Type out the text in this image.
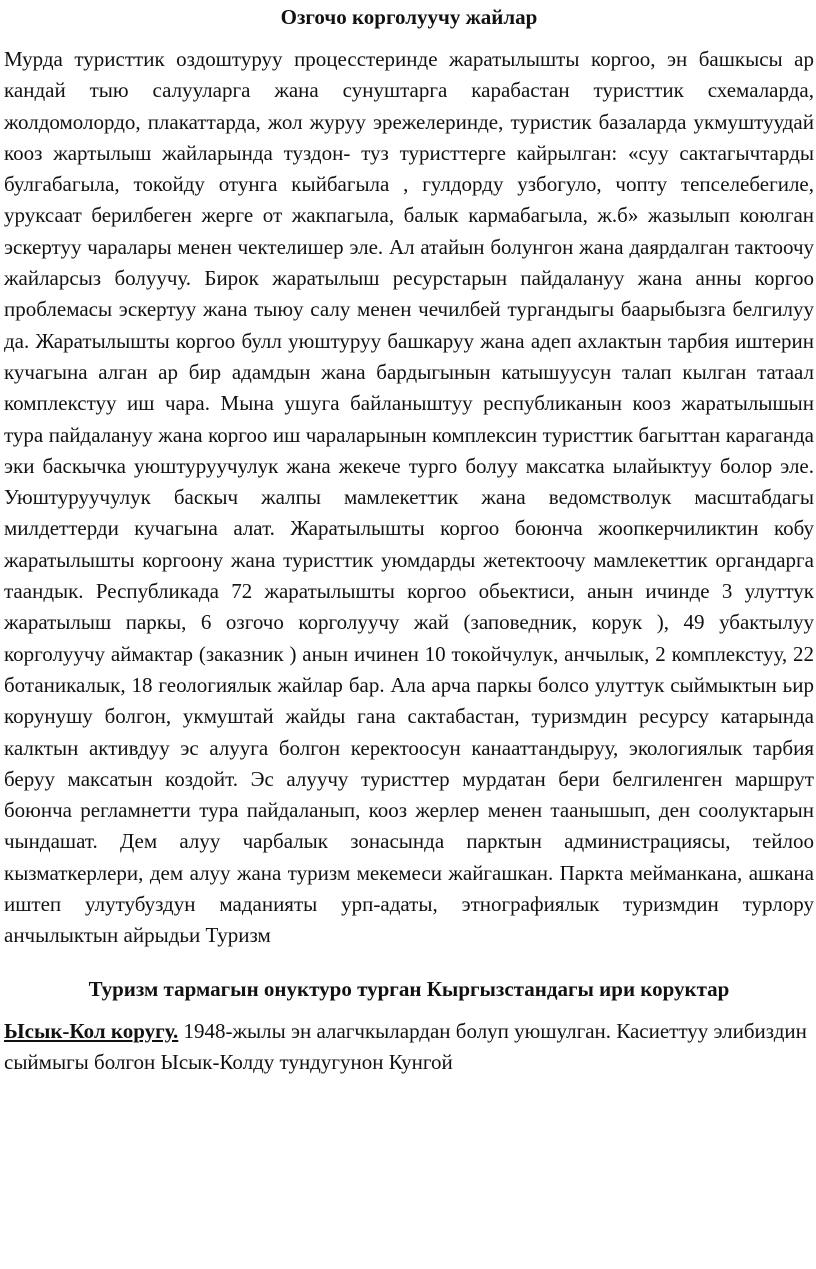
Озгочо корголуучу жайлар

Мурда туристтик оздоштуруу процесстеринде жаратылышты коргоо, эн башкысы ар кандай тыю салууларга жана сунуштарга карабастан туристтик схемаларда, жолдомолордо, плакаттарда, жол журуу эрежелеринде, туристик базаларда укмуштуудай кооз жартылыш жайларында туздон- туз туристтерге кайрылган: «суу сактагычтарды булгабагыла, токойду отунга кыйбагыла , гулдорду узбогуло, чопту тепселебегиле, уруксаат берилбеген жерге от жакпагыла, балык кармабагыла, ж.б» жазылып коюлган эскертуу чаралары менен чектелишер эле. Ал атайын болунгон жана даярдалган тактоочу жайларсыз болуучу. Бирок жаратылыш ресурстарын пайдалануу жана анны коргоо проблемасы эскертуу жана тыюу салу менен чечилбей тургандыгы баарыбызга белгилуу да. Жаратылышты коргоо булл уюштуруу башкаруу жана адеп ахлактын тарбия иштерин кучагына алган ар бир адамдын жана бардыгынын катышуусун талап кылган татаал комплекстуу иш чара. Мына ушуга байланыштуу республиканын кооз жаратылышын тура пайдалануу жана коргоо иш чараларынын комплексин туристтик багыттан караганда эки баскычка уюштуруучулук жана жекече турго болуу максатка ылайыктуу болор эле. Уюштуруучулук баскыч жалпы мамлекеттик жана ведомстволук масштабдагы милдеттерди кучагына алат. Жаратылышты коргоо боюнча жоопкерчиликтин кобу жаратылышты коргоону жана туристтик уюмдарды жетектоочу мамлекеттик органдарга таандык. Республикада 72 жаратылышты коргоо обьектиси, анын ичинде 3 улуттук жаратылыш паркы, 6 озгочо корголуучу жай (заповедник, корук ), 49 убактылуу корголуучу аймактар (заказник ) анын ичинен 10 токойчулук, анчылык, 2 комплекстуу, 22 ботаникалык, 18 геологиялык жайлар бар. Ала арча паркы болсо улуттук сыймыктын ьир корунушу болгон, укмуштай жайды гана сактабастан, туризмдин ресурсу катарында калктын активдуу эс алууга болгон керектоосун канааттандыруу, экологиялык тарбия беруу максатын коздойт. Эс алуучу туристтер мурдатан бери белгиленген маршрут боюнча регламнетти тура пайдаланып, кооз жерлер менен таанышып, ден соолуктарын чындашат. Дем алуу чарбалык зонасында парктын администрациясы, тейлоо кызматкерлери, дем алуу жана туризм мекемеси жайгашкан. Паркта мейманкана, ашкана иштеп улутубуздун маданияты урп-адаты, этнографиялык туризмдин турлору анчылыктын айрыдьи Туризм

Туризм тармагын онуктуро турган Кыргызстандагы ири коруктар

Ысык-Кол коругу. 1948-жылы эн алагчкылардан болуп уюшулган. Касиеттуу элибиздин сыймыгы болгон Ысык-Колду тундугунон Кунгой
